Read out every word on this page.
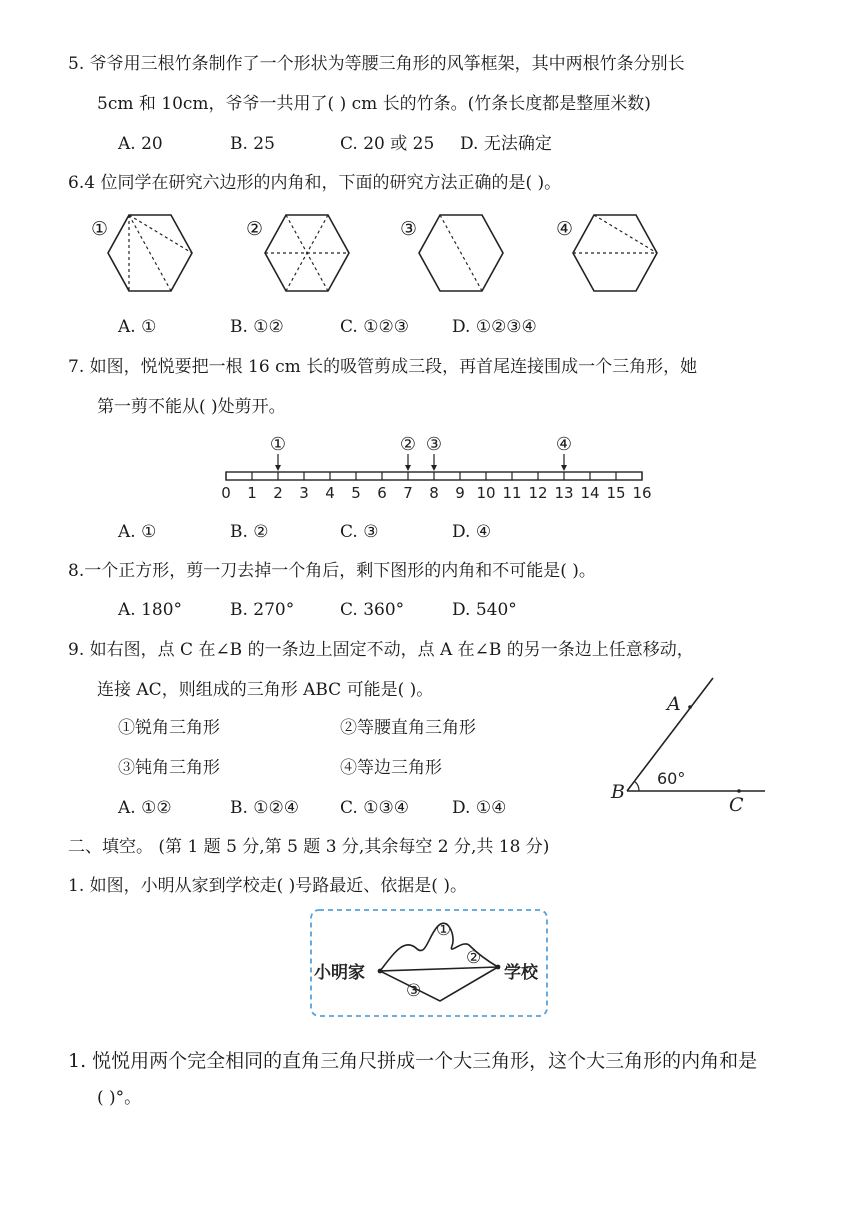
5. 爷爷用三根竹条制作了一个形状为等腰三角形的风筝框架，其中两根竹条分别长
5cm 和 10cm，爷爷一共用了( ) cm 长的竹条。(竹条长度都是整厘米数)
A. 20	B. 25	C. 20 或 25 D. 无法确定
6.4 位同学在研究六边形的内角和，下面的研究方法正确的是( )。
①	②	③	④
A. ①	B. ①②	C. ①②③	D. ①②③④
7. 如图，悦悦要把一根 16 cm 长的吸管剪成三段，再首尾连接围成一个三角形，她
第一剪不能从( )处剪开。
0 1 2 3 4 5 6 7 8 9 10 11 12 13 14 15 16
①	② ③	④
A. ①	B. ②	C. ③	D. ④
8.一个正方形，剪一刀去掉一个角后，剩下图形的内角和不可能是( )。
A. 180°	B. 270°	C. 360°	D. 540°
9. 如右图，点 C 在∠B 的一条边上固定不动，点 A 在∠B 的另一条边上任意移动，
连接 AC，则组成的三角形 ABC 可能是( )。
①锐角三角形	②等腰直角三角形
③钝角三角形	④等边三角形
A. ①②	B. ①②④ C. ①③④	D. ①④
A
B
60°
C
二、填空。 (第 1 题 5 分,第 5 题 3 分,其余每空 2 分,共 18 分)
1. 如图，小明从家到学校走( )号路最近、依据是( )。
小明家	学校
①
②
③
1. 悦悦用两个完全相同的直角三角尺拼成一个大三角形，这个大三角形的内角和是
( )°。
